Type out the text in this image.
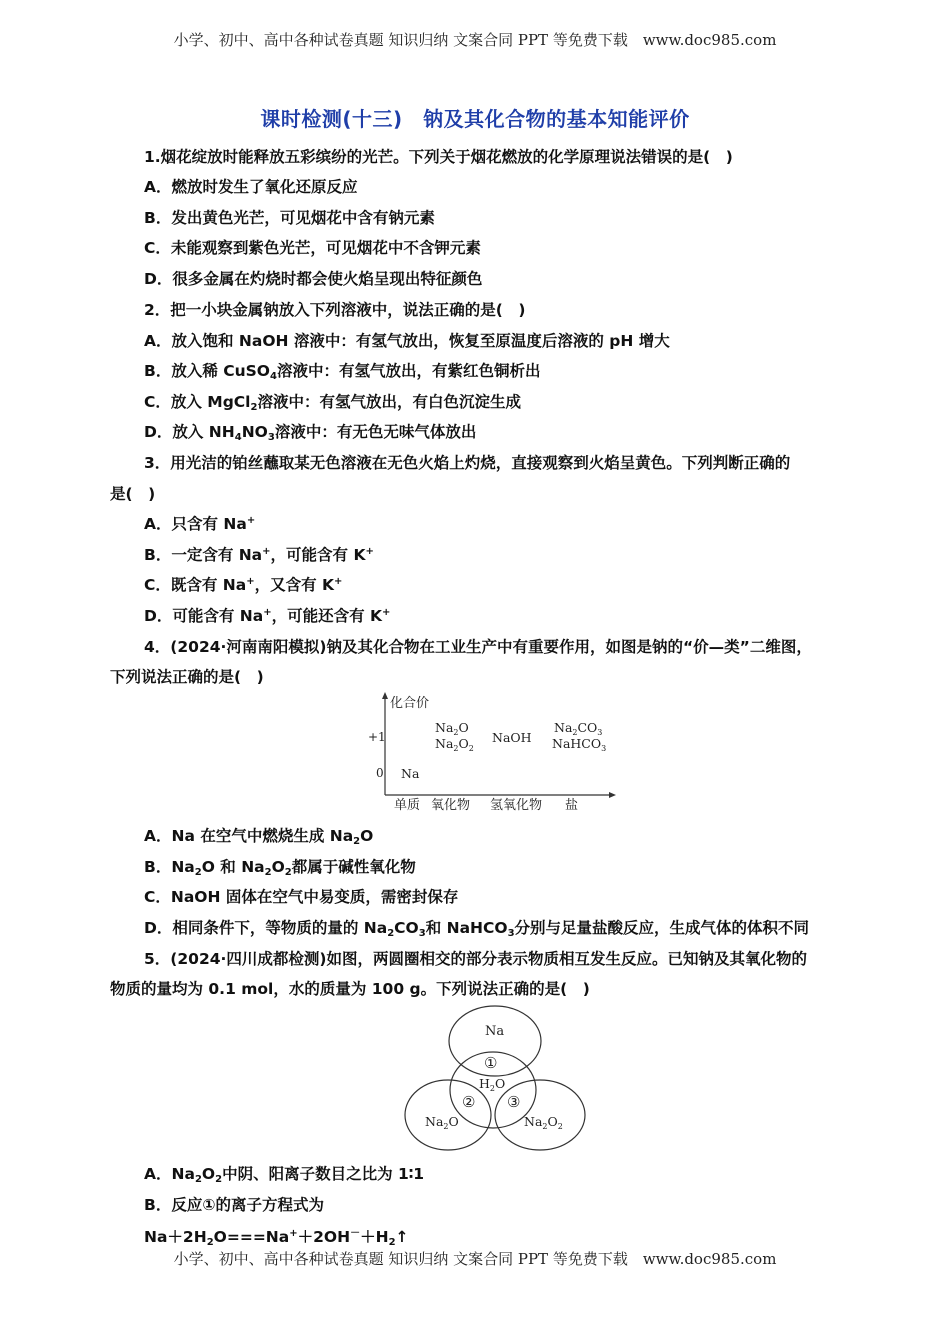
小学、初中、高中各种试卷真题 知识归纳 文案合同 PPT 等免费下载　www.doc985.com
课时检测(十三)　钠及其化合物的基本知能评价
1.烟花绽放时能释放五彩缤纷的光芒。下列关于烟花燃放的化学原理说法错误的是(　)
A．燃放时发生了氧化还原反应
B．发出黄色光芒，可见烟花中含有钠元素
C．未能观察到紫色光芒，可见烟花中不含钾元素
D．很多金属在灼烧时都会使火焰呈现出特征颜色
2．把一小块金属钠放入下列溶液中，说法正确的是(　)
A．放入饱和 NaOH 溶液中：有氢气放出，恢复至原温度后溶液的 pH 增大
B．放入稀 CuSO$_4$溶液中：有氢气放出，有紫红色铜析出
C．放入 MgCl$_2$溶液中：有氢气放出，有白色沉淀生成
D．放入 $NH_4NO_3$溶液中：有无色无味气体放出
3．用光洁的铂丝蘸取某无色溶液在无色火焰上灼烧，直接观察到火焰呈黄色。下列判断正确的
是(　)
A．只含有 Na+
B．一定含有 Na+，可能含有 K+
C．既含有 Na+，又含有 K+
D．可能含有 Na+，可能还含有 K+
4．(2024·河南南阳模拟)钠及其化合物在工业生产中有重要作用，如图是钠的“价—类”二维图，
下列说法正确的是(　)
化合价
+1
0
单质 氧化物 氢氧化物 盐
Na
$Na_2O$
$Na_2O_2$
NaOH
$Na_2CO_3$
NaHCO$_3$
A．Na 在空气中燃烧生成 $Na_2O$
B．$Na_2O$ 和 $Na_2O_2$都属于碱性氧化物
C．NaOH 固体在空气中易变质，需密封保存
D．相同条件下，等物质的量的 $Na_2CO_3$和 NaHCO$_3$分别与足量盐酸反应，生成气体的体积不同
5．(2024·四川成都检测)如图，两圆圈相交的部分表示物质相互发生反应。已知钠及其氧化物的
物质的量均为 0.1 mol，水的质量为 100 g。下列说法正确的是(　)
Na
①
$H_2O$
② ③
$Na_2O$	$Na_2O_2$
A．$Na_2O_2$中阴、阳离子数目之比为 1∶1
B．反应①的离子方程式为
$Na+2H_2O===Na^++2OH^-+H_2↑$
小学、初中、高中各种试卷真题 知识归纳 文案合同 PPT 等免费下载　www.doc985.com
